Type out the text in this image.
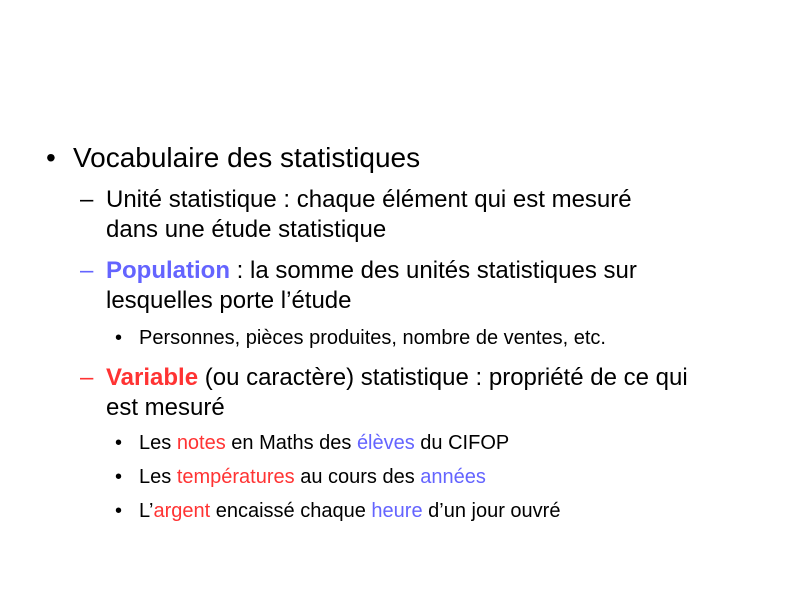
• Vocabulaire des statistiques
– Unité statistique : chaque élément qui est mesuré
dans une étude statistique
– Population : la somme des unités statistiques sur
lesquelles porte l’étude
• Personnes, pièces produites, nombre de ventes, etc.
– Variable (ou caractère) statistique : propriété de ce qui
est mesuré
• Les notes en Maths des élèves du CIFOP
• Les températures au cours des années
• L’argent encaissé chaque heure d’un jour ouvré
